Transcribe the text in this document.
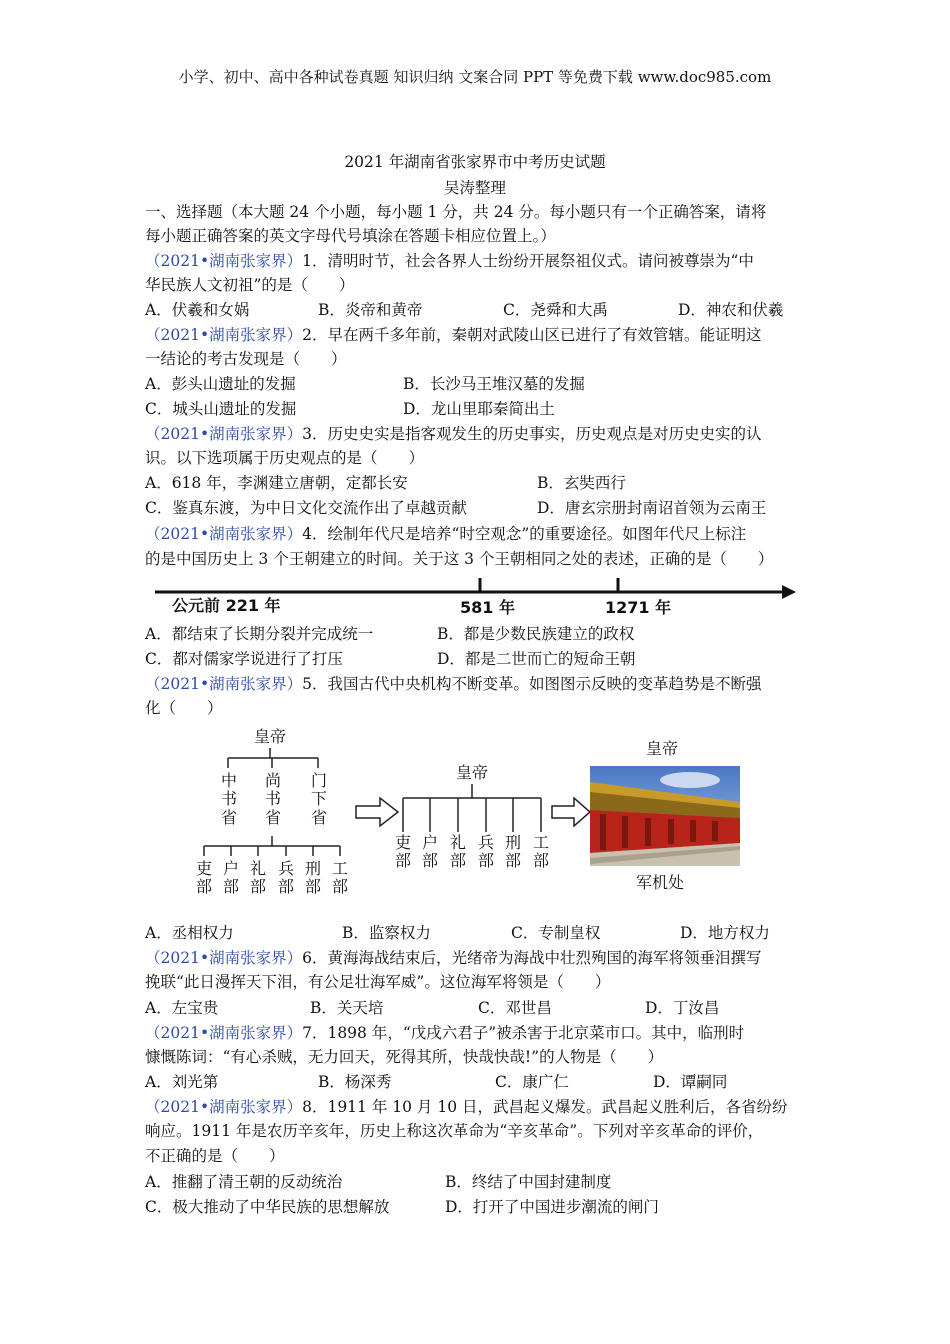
小学、初中、高中各种试卷真题 知识归纳 文案合同 PPT 等免费下载 www.doc985.com
2021 年湖南省张家界市中考历史试题
吴涛整理
一、选择题（本大题 24 个小题，每小题 1 分，共 24 分。每小题只有一个正确答案，请将
每小题正确答案的英文字母代号填涂在答题卡相应位置上。）
（2021•湖南张家界）1．清明时节，社会各界人士纷纷开展祭祖仪式。请问被尊崇为“中
华民族人文初祖”的是（　　）
A．伏羲和女娲	B．炎帝和黄帝	C．尧舜和大禹	D．神农和伏羲
（2021•湖南张家界）2．早在两千多年前，秦朝对武陵山区已进行了有效管辖。能证明这
一结论的考古发现是（　　）
A．彭头山遗址的发掘	B．长沙马王堆汉墓的发掘
C．城头山遗址的发掘	D．龙山里耶秦简出土
（2021•湖南张家界）3．历史史实是指客观发生的历史事实，历史观点是对历史史实的认
识。以下选项属于历史观点的是（　　）
A．618 年，李渊建立唐朝，定都长安	B．玄奘西行
C．鉴真东渡，为中日文化交流作出了卓越贡献	D．唐玄宗册封南诏首领为云南王
（2021•湖南张家界）4．绘制年代尺是培养“时空观念”的重要途径。如图年代尺上标注
的是中国历史上 3 个王朝建立的时间。关于这 3 个王朝相同之处的表述，正确的是（　　）
公元前 221 年	581 年	1271 年
A．都结束了长期分裂并完成统一	B．都是少数民族建立的政权
C．都对儒家学说进行了打压	D．都是二世而亡的短命王朝
（2021•湖南张家界）5．我国古代中央机构不断变革。如图图示反映的变革趋势是不断强
化（　　）
皇帝
中
书
省
尚
书
省
门
下
省
吏
部
户
部
礼
部
兵
部
刑
部
工
部
皇帝
吏
部
户
部
礼
部
兵
部
刑
部
工
部
皇帝
军机处
A．丞相权力	B．监察权力	C．专制皇权	D．地方权力
（2021•湖南张家界）6．黄海海战结束后，光绪帝为海战中壮烈殉国的海军将领垂泪撰写
挽联“此日漫挥天下泪，有公足壮海军威”。这位海军将领是（　　）
A．左宝贵	B．关天培	C．邓世昌	D．丁汝昌
（2021•湖南张家界）7．1898 年，“戊戌六君子”被杀害于北京菜市口。其中，临刑时
慷慨陈词：“有心杀贼，无力回天，死得其所，快哉快哉!”的人物是（　　）
A．刘光第	B．杨深秀	C．康广仁	D．谭嗣同
（2021•湖南张家界）8．1911 年 10 月 10 日，武昌起义爆发。武昌起义胜利后，各省纷纷
响应。1911 年是农历辛亥年，历史上称这次革命为“辛亥革命”。下列对辛亥革命的评价，
不正确的是（　　）
A．推翻了清王朝的反动统治	B．终结了中国封建制度
C．极大推动了中华民族的思想解放	D．打开了中国进步潮流的闸门
